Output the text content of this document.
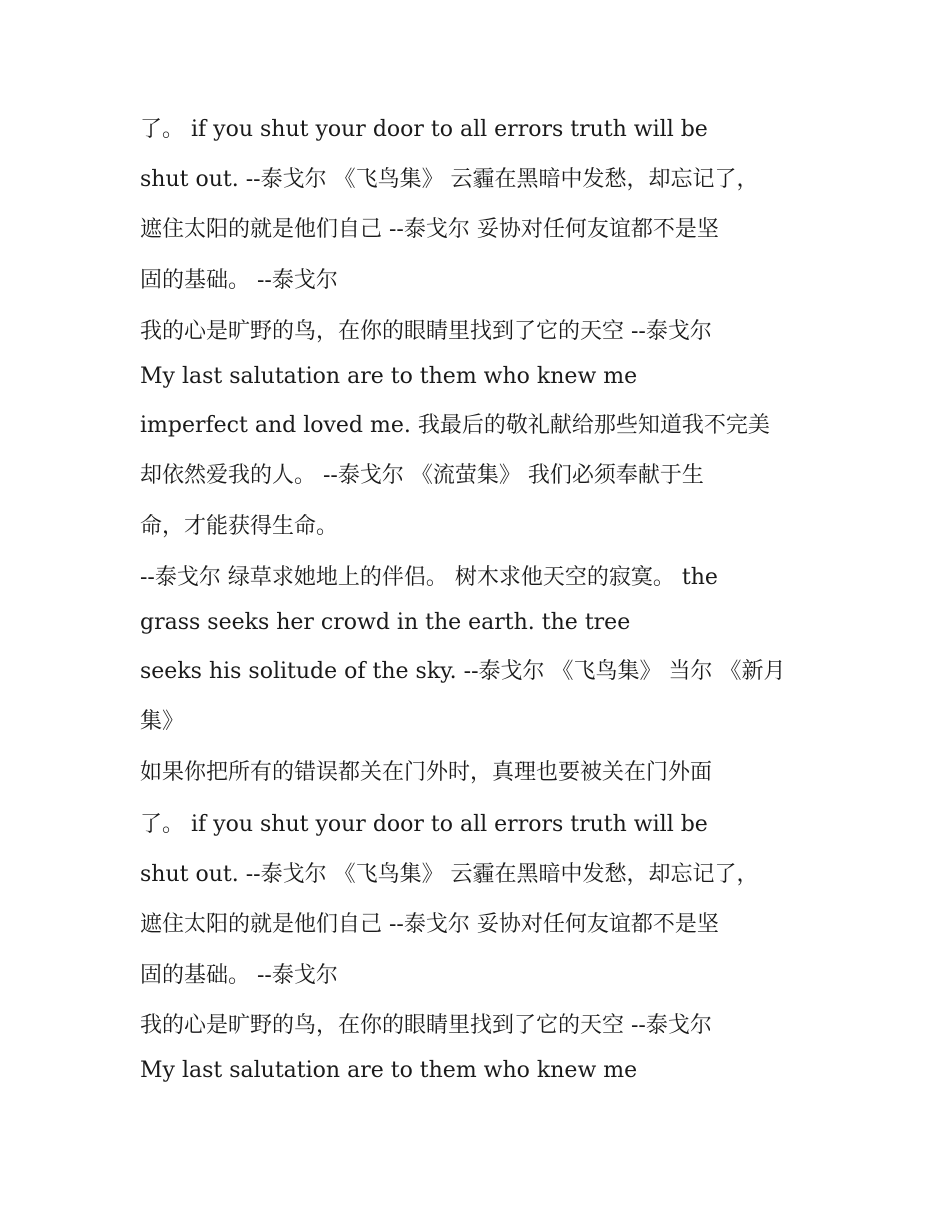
了。 if you shut your door to all errors truth will be
shut out. --泰戈尔 《飞鸟集》 云霾在黑暗中发愁，却忘记了，
遮住太阳的就是他们自己 --泰戈尔 妥协对任何友谊都不是坚
固的基础。 --泰戈尔
我的心是旷野的鸟，在你的眼睛里找到了它的天空 --泰戈尔
My last salutation are to them who knew me
imperfect and loved me. 我最后的敬礼献给那些知道我不完美
却依然爱我的人。 --泰戈尔 《流萤集》 我们必须奉献于生
命，才能获得生命。
--泰戈尔 绿草求她地上的伴侣。 树木求他天空的寂寞。 the
grass seeks her crowd in the earth. the tree
seeks his solitude of the sky. --泰戈尔 《飞鸟集》 当尔 《新月
集》
如果你把所有的错误都关在门外时，真理也要被关在门外面
了。 if you shut your door to all errors truth will be
shut out. --泰戈尔 《飞鸟集》 云霾在黑暗中发愁，却忘记了，
遮住太阳的就是他们自己 --泰戈尔 妥协对任何友谊都不是坚
固的基础。 --泰戈尔
我的心是旷野的鸟，在你的眼睛里找到了它的天空 --泰戈尔
My last salutation are to them who knew me
